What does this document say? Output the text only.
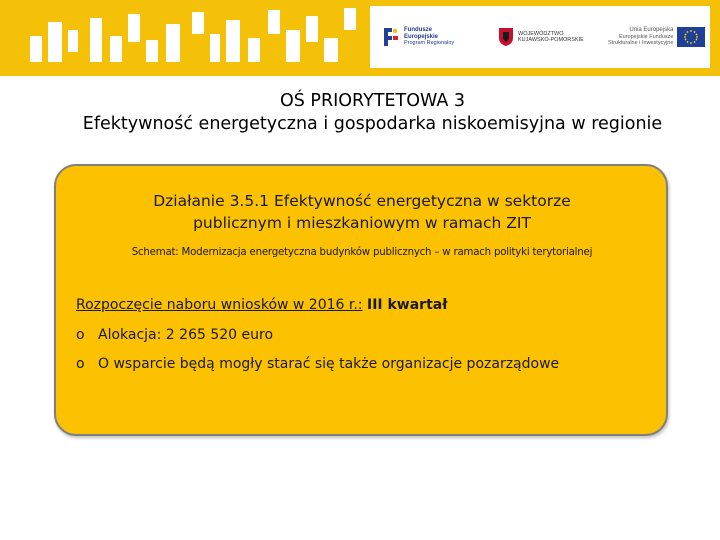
Fundusze
Europejskie
Program Regionalny
WOJEWÓDZTWO
KUJAWSKO-POMORSKIE
Unia Europejska
Europejskie Fundusze
Strukturalne i Inwestycyjne
OŚ PRIORYTETOWA 3
Efektywność energetyczna i gospodarka niskoemisyjna w regionie
Działanie 3.5.1 Efektywność energetyczna w sektorze
publicznym i mieszkaniowym w ramach ZIT
Schemat: Modernizacja energetyczna budynków publicznych – w ramach polityki terytorialnej
Rozpoczęcie naboru wniosków w 2016 r.: III kwartał
o Alokacja: 2 265 520 euro
o O wsparcie będą mogły starać się także organizacje pozarządowe
